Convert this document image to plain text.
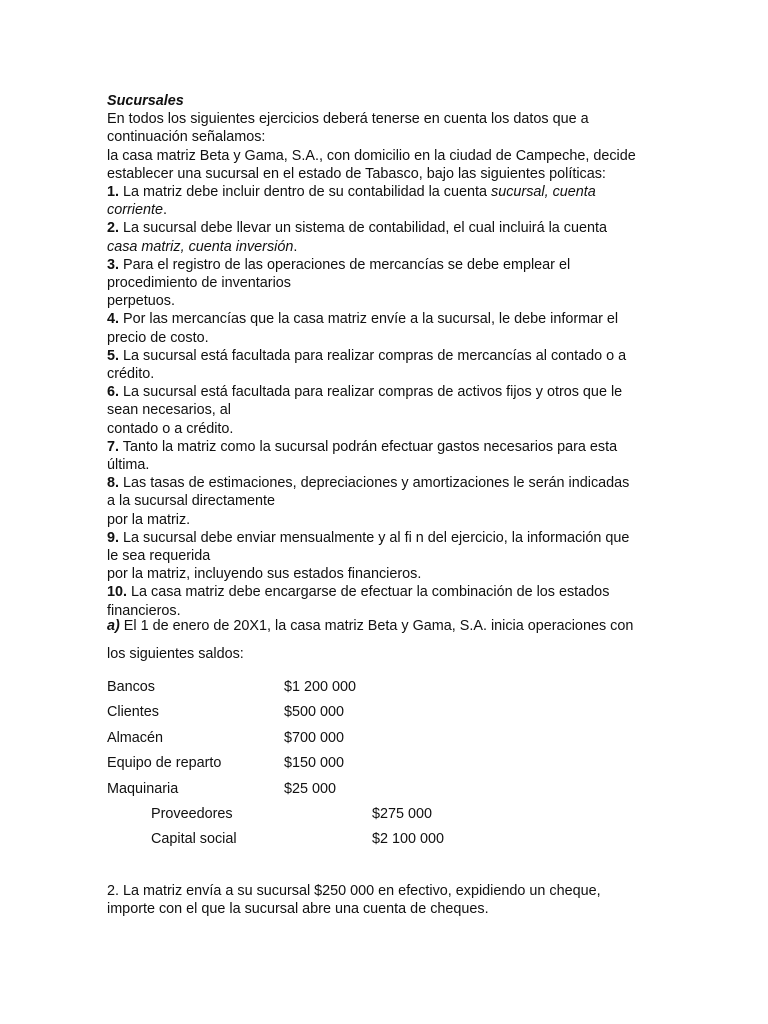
Sucursales
En todos los siguientes ejercicios deberá tenerse en cuenta los datos que a
continuación señalamos:
la casa matriz Beta y Gama, S.A., con domicilio en la ciudad de Campeche, decide
establecer una sucursal en el estado de Tabasco, bajo las siguientes políticas:
1. La matriz debe incluir dentro de su contabilidad la cuenta sucursal, cuenta
corriente.
2. La sucursal debe llevar un sistema de contabilidad, el cual incluirá la cuenta
casa matriz, cuenta inversión.
3. Para el registro de las operaciones de mercancías se debe emplear el
procedimiento de inventarios
perpetuos.
4. Por las mercancías que la casa matriz envíe a la sucursal, le debe informar el
precio de costo.
5. La sucursal está facultada para realizar compras de mercancías al contado o a
crédito.
6. La sucursal está facultada para realizar compras de activos fijos y otros que le
sean necesarios, al
contado o a crédito.
7. Tanto la matriz como la sucursal podrán efectuar gastos necesarios para esta
última.
8. Las tasas de estimaciones, depreciaciones y amortizaciones le serán indicadas
a la sucursal directamente
por la matriz.
9. La sucursal debe enviar mensualmente y al fi n del ejercicio, la información que
le sea requerida
por la matriz, incluyendo sus estados financieros.
10. La casa matriz debe encargarse de efectuar la combinación de los estados
financieros.
a) El 1 de enero de 20X1, la casa matriz Beta y Gama, S.A. inicia operaciones con
los siguientes saldos:
Bancos	$1 200 000
Clientes	$500 000
Almacén	$700 000
Equipo de reparto	$150 000
Maquinaria	$25 000
Proveedores	$275 000
Capital social	$2 100 000
2. La matriz envía a su sucursal $250 000 en efectivo, expidiendo un cheque,
importe con el que la sucursal abre una cuenta de cheques.
